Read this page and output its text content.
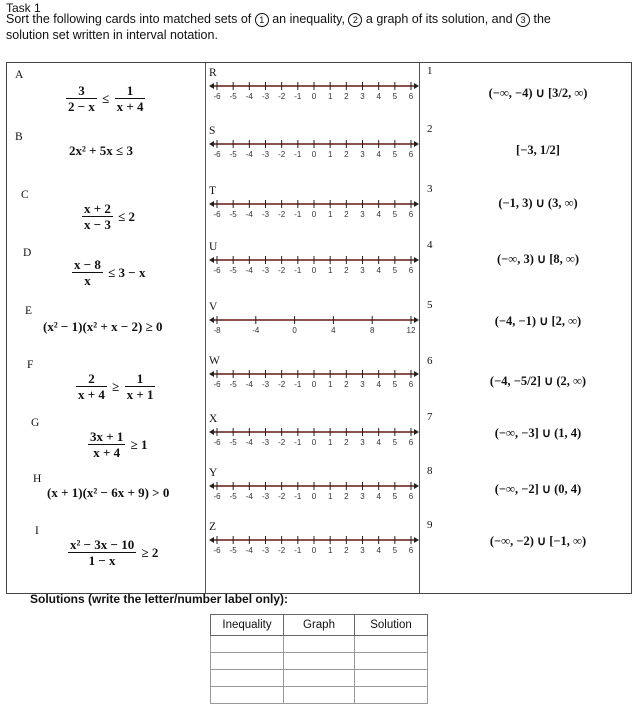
Task 1
Sort the following cards into matched sets of 1 an inequality, 2 a graph of its solution, and 3 the
solution set written in interval notation.
A
$\frac{3}{2 - x} \le \frac{1}{x + 4}$
B
2x² + 5x ≤ 3
C
$\frac{x + 2}{x - 3} \le 2$
D
$\frac{x - 8}{x} \le 3 - x$
E
(x² − 1)(x² + x − 2) ≥ 0
F
$\frac{2}{x + 4} \ge \frac{1}{x + 1}$
G
$\frac{3x + 1}{x + 4} \ge 1$
H
(x + 1)(x² − 6x + 9) > 0
I
$\frac{\text{x² − 3x − 10}}{1 - x} \ge 2$
R
S
T
U
V
W
X
Y
Z
-6 -5 -4 -3 -2 -1 0 1 2 3 4 5 6
-6 -5 -4 -3 -2 -1 0 1 2 3 4 5 6
-6 -5 -4 -3 -2 -1 0 1 2 3 4 5 6
-6 -5 -4 -3 -2 -1 0 1 2 3 4 5 6
-8	-4	0	4	8	12
-6 -5 -4 -3 -2 -1 0 1 2 3 4 5 6
-6 -5 -4 -3 -2 -1 0 1 2 3 4 5 6
-6 -5 -4 -3 -2 -1 0 1 2 3 4 5 6
-6 -5 -4 -3 -2 -1 0 1 2 3 4 5 6
1
(−∞, −4) ∪ [3/2, ∞)
2
[−3, 1/2]
3
(−1, 3) ∪ (3, ∞)
4
(−∞, 3) ∪ [8, ∞)
5
(−4, −1) ∪ [2, ∞)
6
(−4, −5/2] ∪ (2, ∞)
7
(−∞, −3] ∪ (1, 4)
8
(−∞, −2] ∪ (0, 4)
9
(−∞, −2) ∪ [−1, ∞)
Solutions (write the letter/number label only):
Inequality	Graph	Solution
